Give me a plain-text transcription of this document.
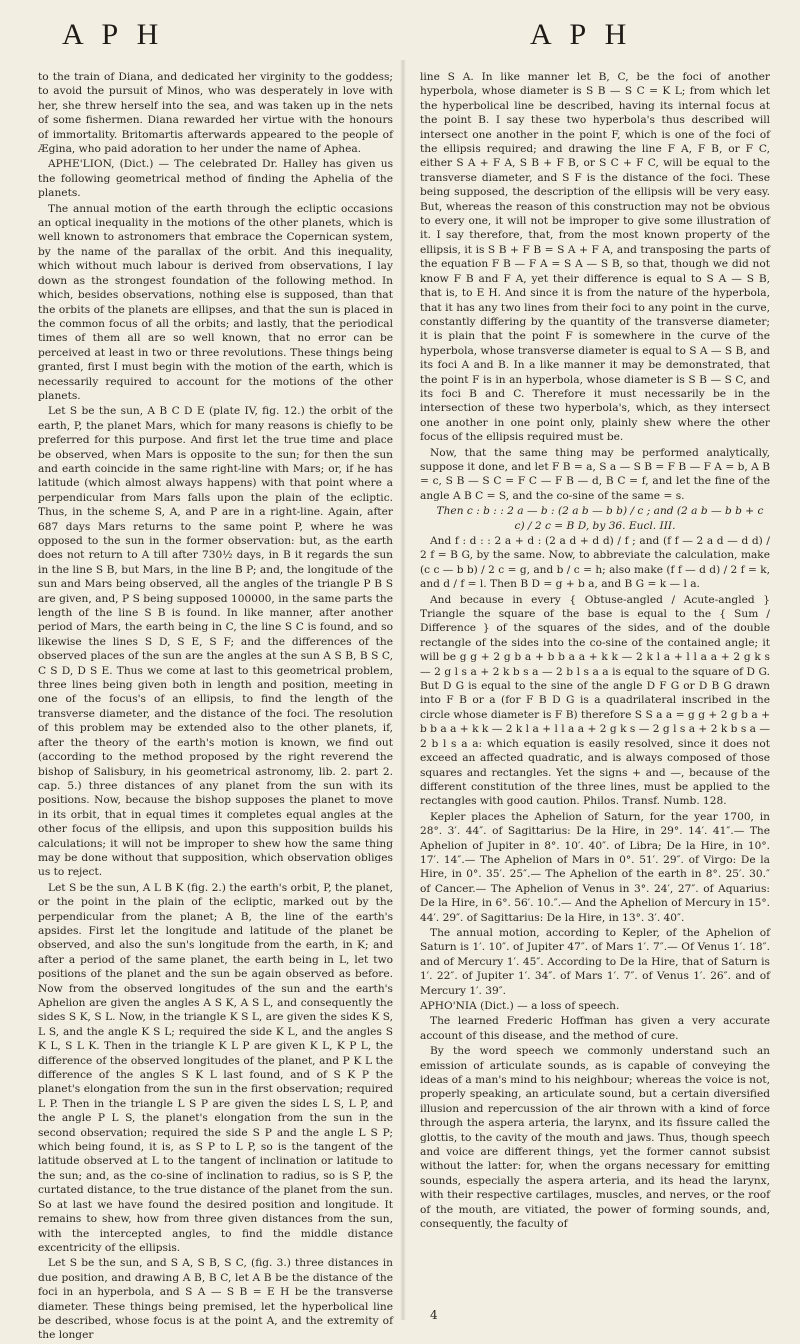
A P H	A P H

to the train of Diana, and dedicated her virginity to the goddess; to avoid the pursuit of Minos, who was desperately in love with her, she threw herself into the sea, and was taken up in the nets of some fishermen. Diana rewarded her virtue with the honours of immortality. Britomartis afterwards appeared to the people of Ægina, who paid adoration to her under the name of Aphea.

APHE'LION, (Dict.) — The celebrated Dr. Halley has given us the following geometrical method of finding the Aphelia of the planets.

The annual motion of the earth through the ecliptic occasions an optical inequality in the motions of the other planets, which is well known to astronomers that embrace the Copernican system, by the name of the parallax of the orbit. And this inequality, which without much labour is derived from observations, I lay down as the strongest foundation of the following method. In which, besides observations, nothing else is supposed, than that the orbits of the planets are ellipses, and that the sun is placed in the common focus of all the orbits; and lastly, that the periodical times of them all are so well known, that no error can be perceived at least in two or three revolutions. These things being granted, first I must begin with the motion of the earth, which is necessarily required to account for the motions of the other planets.

Let S be the sun, A B C D E (plate IV, fig. 12.) the orbit of the earth, P, the planet Mars, which for many reasons is chiefly to be preferred for this purpose. And first let the true time and place be observed, when Mars is opposite to the sun; for then the sun and earth coincide in the same right-line with Mars; or, if he has latitude (which almost always happens) with that point where a perpendicular from Mars falls upon the plain of the ecliptic. Thus, in the scheme S, A, and P are in a right-line. Again, after 687 days Mars returns to the same point P, where he was opposed to the sun in the former observation: but, as the earth does not return to A till after 730½ days, in B it regards the sun in the line S B, but Mars, in the line B P; and, the longitude of the sun and Mars being observed, all the angles of the triangle P B S are given, and, P S being supposed 100000, in the same parts the length of the line S B is found. In like manner, after another period of Mars, the earth being in C, the line S C is found, and so likewise the lines S D, S E, S F; and the differences of the observed places of the sun are the angles at the sun A S B, B S C, C S D, D S E. Thus we come at last to this geometrical problem, three lines being given both in length and position, meeting in one of the focus's of an ellipsis, to find the length of the transverse diameter, and the distance of the foci. The resolution of this problem may be extended also to the other planets, if, after the theory of the earth's motion is known, we find out (according to the method proposed by the right reverend the bishop of Salisbury, in his geometrical astronomy, lib. 2. part 2. cap. 5.) three distances of any planet from the sun with its positions. Now, because the bishop supposes the planet to move in its orbit, that in equal times it completes equal angles at the other focus of the ellipsis, and upon this supposition builds his calculations; it will not be improper to shew how the same thing may be done without that supposition, which observation obliges us to reject.

Let S be the sun, A L B K (fig. 2.) the earth's orbit, P, the planet, or the point in the plain of the ecliptic, marked out by the perpendicular from the planet; A B, the line of the earth's apsides. First let the longitude and latitude of the planet be observed, and also the sun's longitude from the earth, in K; and after a period of the same planet, the earth being in L, let two positions of the planet and the sun be again observed as before. Now from the observed longitudes of the sun and the earth's Aphelion are given the angles A S K, A S L, and consequently the sides S K, S L. Now, in the triangle K S L, are given the sides K S, L S, and the angle K S L; required the side K L, and the angles S K L, S L K. Then in the triangle K L P are given K L, K P L, the difference of the observed longitudes of the planet, and P K L the difference of the angles S K L last found, and of S K P the planet's elongation from the sun in the first observation; required L P. Then in the triangle L S P are given the sides L S, L P, and the angle P L S, the planet's elongation from the sun in the second observation; required the side S P and the angle L S P; which being found, it is, as S P to L P, so is the tangent of the latitude observed at L to the tangent of inclination or latitude to the sun; and, as the co-sine of inclination to radius, so is S P, the curtated distance, to the true distance of the planet from the sun. So at last we have found the desired position and longitude. It remains to shew, how from three given distances from the sun, with the intercepted angles, to find the middle distance excentricity of the ellipsis.

Let S be the sun, and S A, S B, S C, (fig. 3.) three distances in due position, and drawing A B, B C, let A B be the distance of the foci in an hyperbola, and S A — S B = E H be the transverse diameter. These things being premised, let the hyperbolical line be described, whose focus is at the point A, and the extremity of the longer

line S A. In like manner let B, C, be the foci of another hyperbola, whose diameter is S B — S C = K L; from which let the hyperbolical line be described, having its internal focus at the point B. I say these two hyperbola's thus described will intersect one another in the point F, which is one of the foci of the ellipsis required; and drawing the line F A, F B, or F C, either S A + F A, S B + F B, or S C + F C, will be equal to the transverse diameter, and S F is the distance of the foci. These being supposed, the description of the ellipsis will be very easy. But, whereas the reason of this construction may not be obvious to every one, it will not be improper to give some illustration of it. I say therefore, that, from the most known property of the ellipsis, it is S B + F B = S A + F A, and transposing the parts of the equation F B — F A = S A — S B, so that, though we did not know F B and F A, yet their difference is equal to S A — S B, that is, to E H. And since it is from the nature of the hyperbola, that it has any two lines from their foci to any point in the curve, constantly differing by the quantity of the transverse diameter; it is plain that the point F is somewhere in the curve of the hyperbola, whose transverse diameter is equal to S A — S B, and its foci A and B. In a like manner it may be demonstrated, that the point F is in an hyperbola, whose diameter is S B — S C, and its foci B and C. Therefore it must necessarily be in the intersection of these two hyperbola's, which, as they intersect one another in one point only, plainly shew where the other focus of the ellipsis required must be.

Now, that the same thing may be performed analytically, suppose it done, and let F B = a, S a — S B = F B — F A = b, A B = c, S B — S C = F C — F B — d, B C = f, and let the fine of the angle A B C = S, and the co-sine of the same = s.

Then c : b : : 2 a — b : (2 a b — b b) / c ; and (2 a b — b b + c c) / 2 c = B D, by 36. Eucl. III.

And f : d : : 2 a + d : (2 a d + d d) / f ; and (f f — 2 a d — d d) / 2 f = B G, by the same. Now, to abbreviate the calculation, make (c c — b b) / 2 c = g, and b / c = h; also make (f f — d d) / 2 f = k, and d / f = l. Then B D = g + b a, and B G = k — l a.

And because in every { Obtuse-angled / Acute-angled } Triangle the square of the base is equal to the { Sum / Difference } of the squares of the sides, and of the double rectangle of the sides into the co-sine of the contained angle; it will be g g + 2 g b a + b b a a + k k — 2 k l a + l l a a + 2 g k s — 2 g l s a + 2 k b s a — 2 b l s a a is equal to the square of D G. But D G is equal to the sine of the angle D F G or D B G drawn into F B or a (for F B D G is a quadrilateral inscribed in the circle whose diameter is F B) therefore S S a a = g g + 2 g b a + b b a a + k k — 2 k l a + l l a a + 2 g k s — 2 g l s a + 2 k b s a — 2 b l s a a: which equation is easily resolved, since it does not exceed an affected quadratic, and is always composed of those squares and rectangles. Yet the signs + and —, because of the different constitution of the three lines, must be applied to the rectangles with good caution. Philos. Transf. Numb. 128.

Kepler places the Aphelion of Saturn, for the year 1700, in 28°. 3′. 44″. of Sagittarius: De la Hire, in 29°. 14′. 41″.— The Aphelion of Jupiter in 8°. 10′. 40″. of Libra; De la Hire, in 10°. 17′. 14″.— The Aphelion of Mars in 0°. 51′. 29″. of Virgo: De la Hire, in 0°. 35′. 25″.— The Aphelion of the earth in 8°. 25′. 30.″ of Cancer.— The Aphelion of Venus in 3°. 24′, 27″. of Aquarius: De la Hire, in 6°. 56′. 10.″.— And the Aphelion of Mercury in 15°. 44′. 29″. of Sagittarius: De la Hire, in 13°. 3′. 40″.

The annual motion, according to Kepler, of the Aphelion of Saturn is 1′. 10″. of Jupiter 47″. of Mars 1′. 7″.— Of Venus 1′. 18″. and of Mercury 1′. 45″. According to De la Hire, that of Saturn is 1′. 22″. of Jupiter 1′. 34″. of Mars 1′. 7″. of Venus 1′. 26″. and of Mercury 1′. 39″.

APHO'NIA (Dict.) — a loss of speech.

The learned Frederic Hoffman has given a very accurate account of this disease, and the method of cure.

By the word speech we commonly understand such an emission of articulate sounds, as is capable of conveying the ideas of a man's mind to his neighbour; whereas the voice is not, properly speaking, an articulate sound, but a certain diversified illusion and repercussion of the air thrown with a kind of force through the aspera arteria, the larynx, and its fissure called the glottis, to the cavity of the mouth and jaws. Thus, though speech and voice are different things, yet the former cannot subsist without the latter: for, when the organs necessary for emitting sounds, especially the aspera arteria, and its head the larynx, with their respective cartilages, muscles, and nerves, or the roof of the mouth, are vitiated, the power of forming sounds, and, consequently, the faculty of

4
